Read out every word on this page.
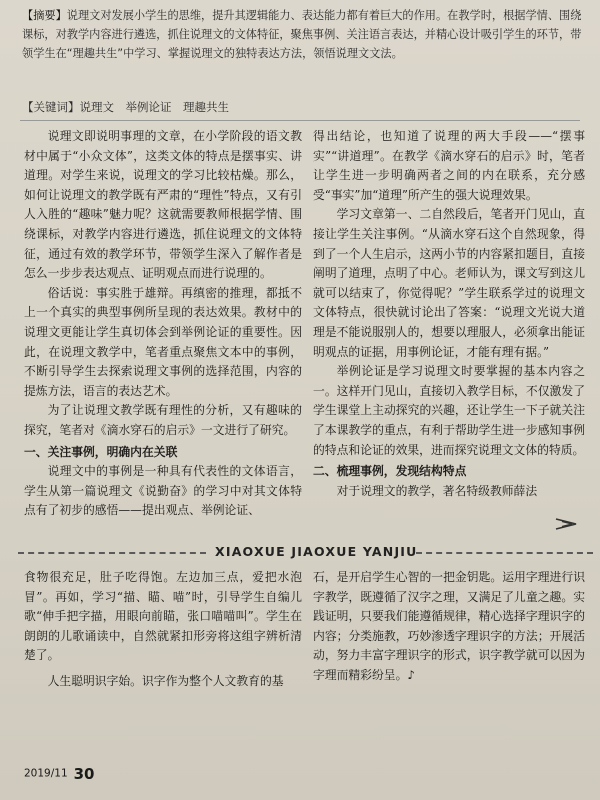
【摘要】说理文对发展小学生的思维，提升其逻辑能力、表达能力都有着巨大的作用。在教学时，根据学情、围绕课标，对教学内容进行遴选，抓住说理文的文体特征，聚焦事例、关注语言表达，并精心设计吸引学生的环节，带领学生在“理趣共生”中学习、掌握说理文的独特表达方法，领悟说理文文法。
【关键词】说理文　举例论证　理趣共生

说理文即说明事理的文章，在小学阶段的语文教材中属于“小众文体”，这类文体的特点是摆事实、讲道理。对学生来说，说理文的学习比较枯燥。那么，如何让说理文的教学既有严肃的“理性”特点，又有引人入胜的“趣味”魅力呢？这就需要教师根据学情、围绕课标，对教学内容进行遴选，抓住说理文的文体特征，通过有效的教学环节，带领学生深入了解作者是怎么一步步表达观点、证明观点而进行说理的。

俗话说：事实胜于雄辩。再缜密的推理，都抵不上一个真实的典型事例所呈现的表达效果。教材中的说理文更能让学生真切体会到举例论证的重要性。因此，在说理文教学中，笔者重点聚焦文本中的事例，不断引导学生去探索说理文事例的选择范围，内容的提炼方法，语言的表达艺术。

为了让说理文教学既有理性的分析，又有趣味的探究，笔者对《滴水穿石的启示》一文进行了研究。

一、关注事例，明确内在关联

说理文中的事例是一种具有代表性的文体语言，学生从第一篇说理文《说勤奋》的学习中对其文体特点有了初步的感悟——提出观点、举例论证、

得出结论，也知道了说理的两大手段——“摆事实”“讲道理”。在教学《滴水穿石的启示》时，笔者让学生进一步明确两者之间的内在联系，充分感受“事实”加“道理”所产生的强大说理效果。

学习文章第一、二自然段后，笔者开门见山，直接让学生关注事例。“从滴水穿石这个自然现象，得到了一个人生启示，这两小节的内容紧扣题目，直接阐明了道理，点明了中心。老师认为，课文写到这儿就可以结束了，你觉得呢？”学生联系学过的说理文文体特点，很快就讨论出了答案：“说理文光说大道理是不能说服别人的，想要以理服人，必须拿出能证明观点的证据，用事例论证，才能有理有据。”

举例论证是学习说理文时要掌握的基本内容之一。这样开门见山，直接切入教学目标，不仅激发了学生课堂上主动探究的兴趣，还让学生一下子就关注了本课教学的重点，有利于帮助学生进一步感知事例的特点和论证的效果，进而探究说理文文体的特质。

二、梳理事例，发现结构特点

对于说理文的教学，著名特级教师薛法

XIAOXUE JIAOXUE YANJIU

食物很充足，肚子吃得饱。左边加三点，爱把水泡冒”。再如，学习“描、瞄、喵”时，引导学生自编儿歌“伸手把字描，用眼向前瞄，张口喵喵叫”。学生在朗朗的儿歌诵读中，自然就紧扣形旁将这组字辨析清楚了。

人生聪明识字始。识字作为整个人文教育的基

石，是开启学生心智的一把金钥匙。运用字理进行识字教学，既遵循了汉字之理，又满足了儿童之趣。实践证明，只要我们能遵循规律，精心选择字理识字的内容；分类施教，巧妙渗透字理识字的方法；开展活动，努力丰富字理识字的形式，识字教学就可以因为字理而精彩纷呈。♪

2019/11 30
